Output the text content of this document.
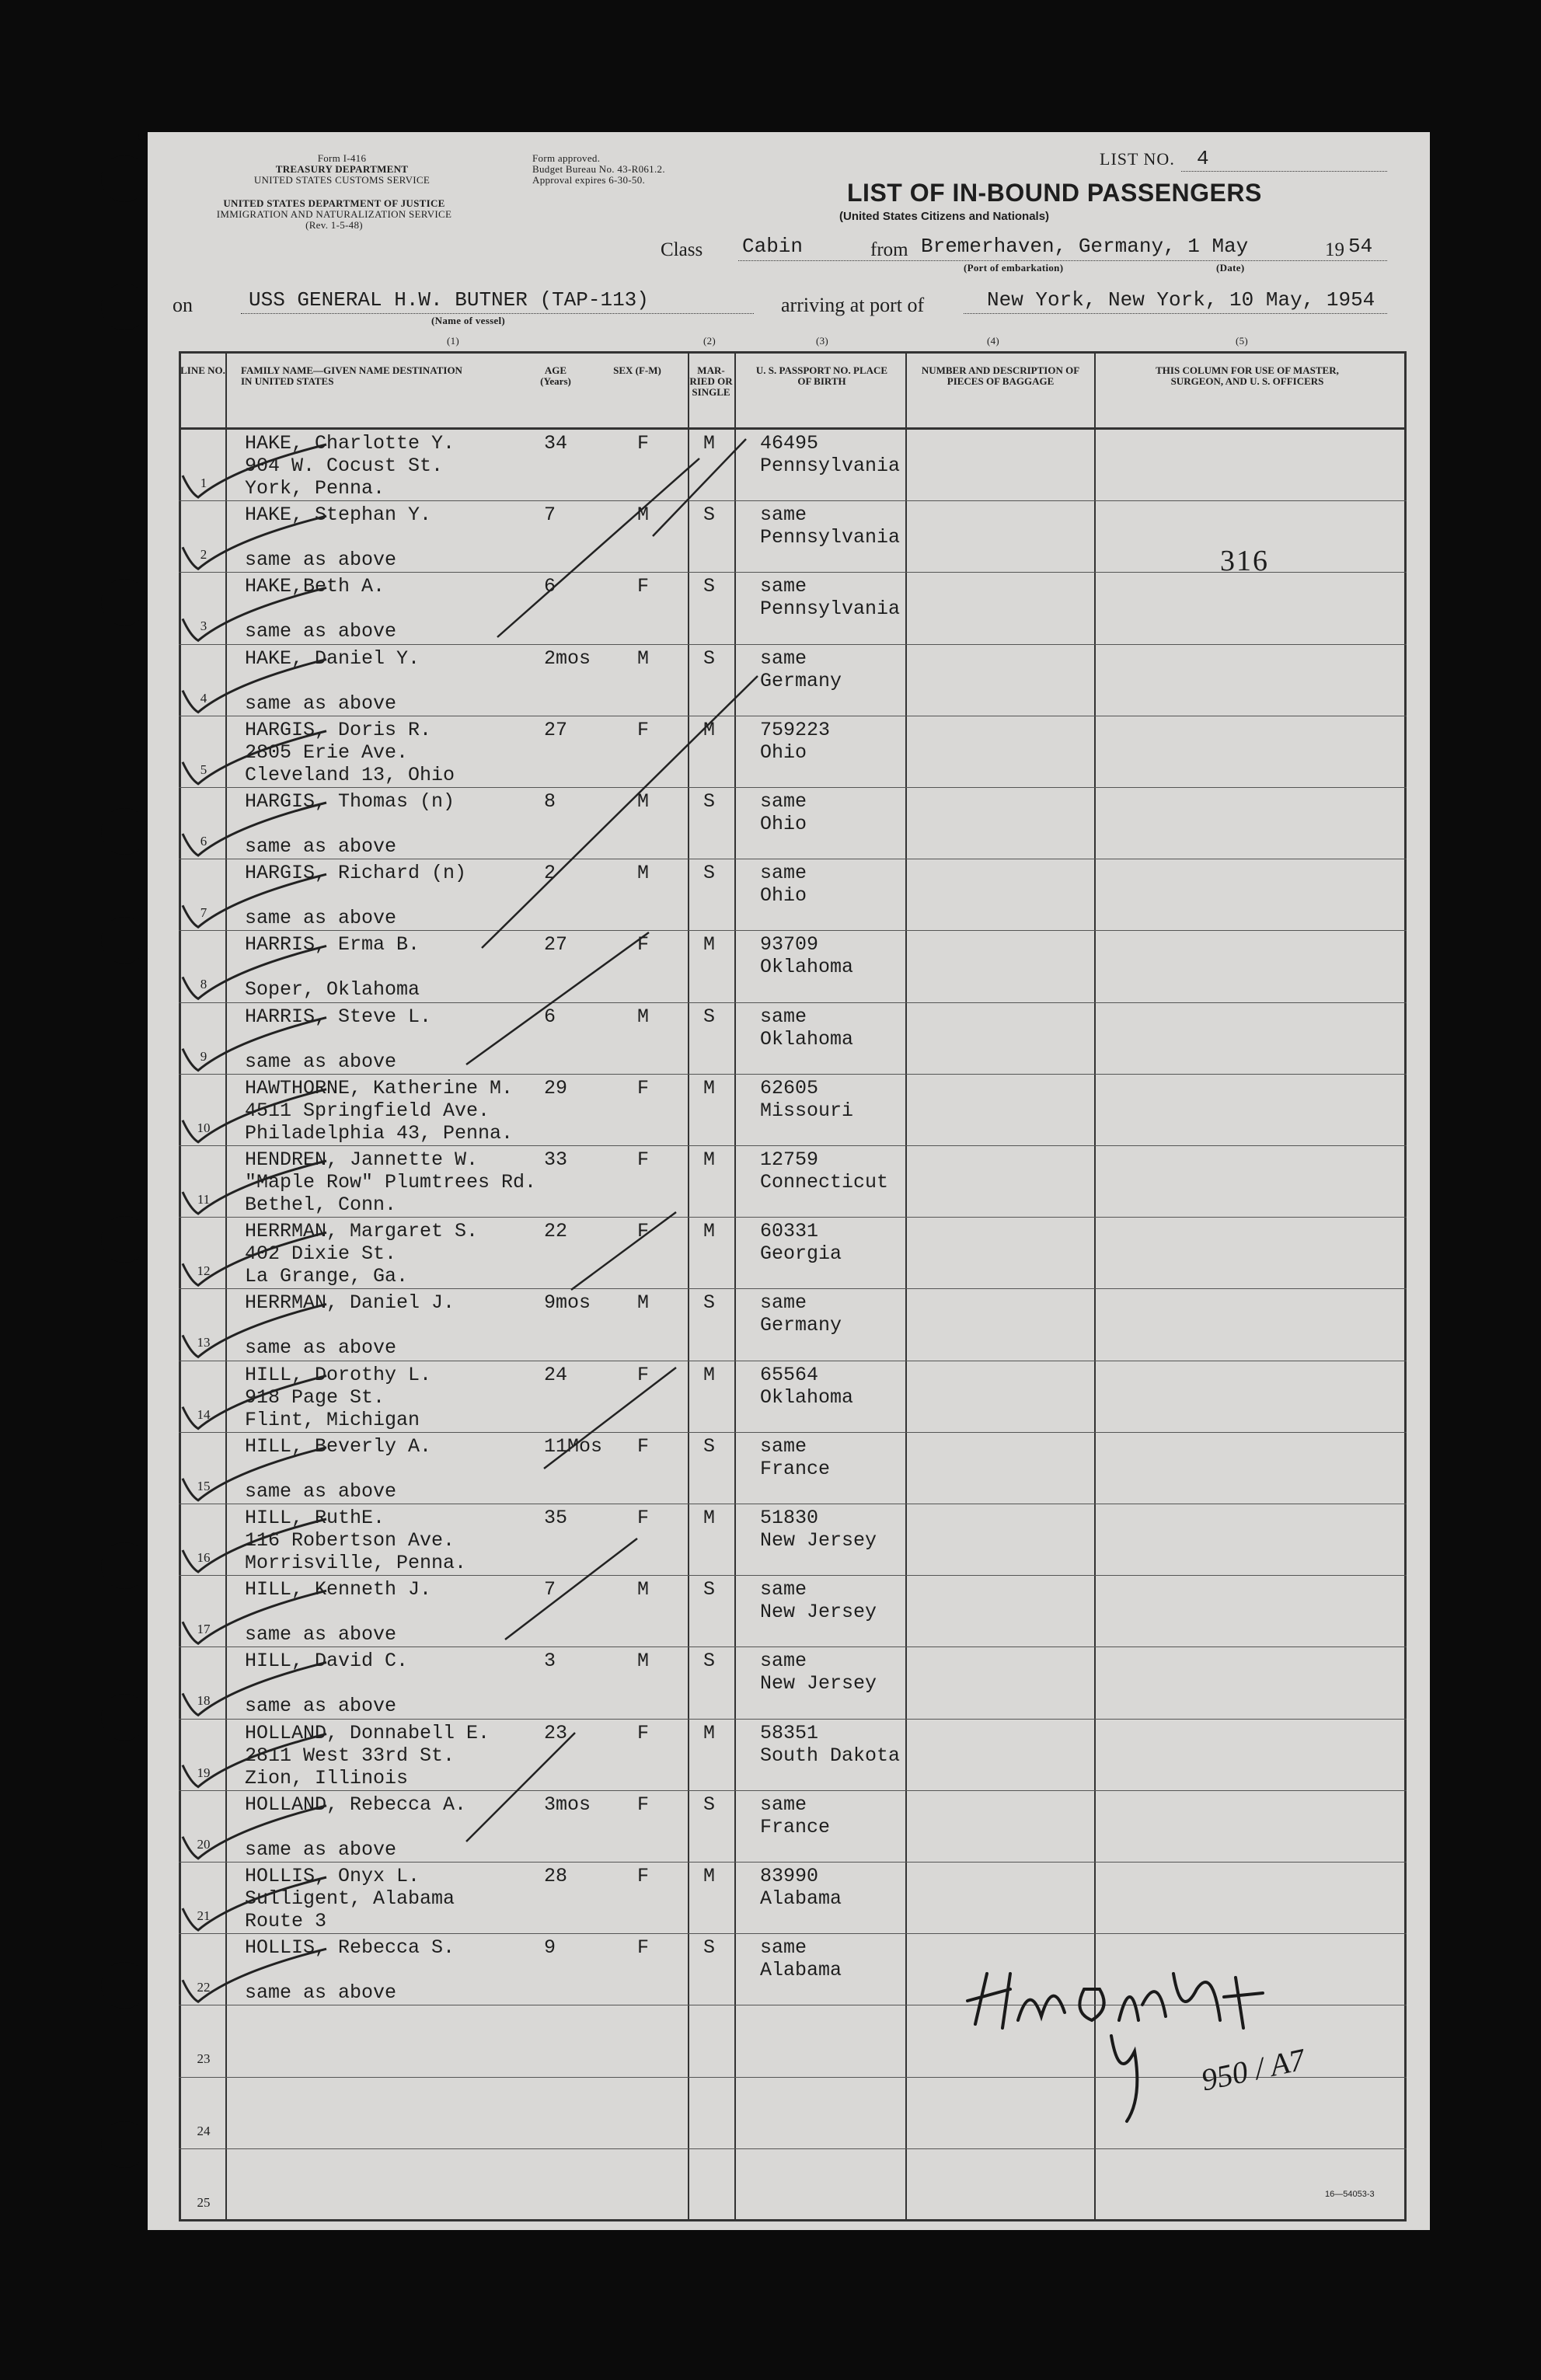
Form I-416
TREASURY DEPARTMENT
UNITED STATES CUSTOMS SERVICE
UNITED STATES DEPARTMENT OF JUSTICE
IMMIGRATION AND NATURALIZATION SERVICE
(Rev. 1-5-48)
Form approved.
Budget Bureau No. 43-R061.2.
Approval expires 6-30-50.
LIST NO. 4
LIST OF IN-BOUND PASSENGERS
(United States Citizens and Nationals)
Class Cabin	from Bremerhaven, Germany, 1 May	19 54
(Port of embarkation)	(Date)
on	USS GENERAL H.W. BUTNER (TAP-113)
(Name of vessel)
arriving at port of	New York, New York, 10 May, 1954
(1)	(2)	(3)	(4)	(5)
LINE NO. FAMILY NAME—GIVEN NAME DESTINATION IN UNITED STATES
AGE (Years)
SEX (F-M)	MAR-RIED OR SINGLE
U. S. PASSPORT NO. PLACE OF BIRTH
NUMBER AND DESCRIPTION OF PIECES OF BAGGAGE
THIS COLUMN FOR USE OF MASTER, SURGEON, AND U. S. OFFICERS
1
HAKE, Charlotte Y.
904 W. Cocust St.
York, Penna.
34	F	M 46495
Pennsylvania
2
HAKE, Stephan Y.
same as above
7	M	S same
Pennsylvania
3
HAKE,Beth A.
same as above
6	F	S same
Pennsylvania
4
HAKE, Daniel Y.
same as above
2mos M	S same
Germany
5
HARGIS, Doris R.
2805 Erie Ave.
Cleveland 13, Ohio
27	F	M 759223
Ohio
6
HARGIS, Thomas (n)
same as above
8	M	S same
Ohio
7
HARGIS, Richard (n)
same as above
2	M	S same
Ohio
8
HARRIS, Erma B.
Soper, Oklahoma
27	F	M 93709
Oklahoma
9
HARRIS, Steve L.
same as above
6	M	S same
Oklahoma
10
HAWTHORNE, Katherine M.
4511 Springfield Ave.
Philadelphia 43, Penna.
29	F	M 62605
Missouri
11
HENDREN, Jannette W.
"Maple Row" Plumtrees Rd.
Bethel, Conn.
33	F	M 12759
Connecticut
12
HERRMAN, Margaret S.
402 Dixie St.
La Grange, Ga.
22	F	M 60331
Georgia
13
HERRMAN, Daniel J.
same as above
9mos M	S same
Germany
14
HILL, Dorothy L.
918 Page St.
Flint, Michigan
24	F	M 65564
Oklahoma
15
HILL, Beverly A.
same as above
11Mos F	S same
France
16
HILL, RuthE.
116 Robertson Ave.
Morrisville, Penna.
35	F	M 51830
New Jersey
17
HILL, Kenneth J.
same as above
7	M	S same
New Jersey
18
HILL, David C.
same as above
3	M	S same
New Jersey
19
HOLLAND, Donnabell E.
2811 West 33rd St.
Zion, Illinois
23	F	M 58351
South Dakota
20
HOLLAND, Rebecca A.
same as above
3mos F	S same
France
21
HOLLIS, Onyx L.
Sulligent, Alabama
Route 3
28	F	M 83990
Alabama
22
HOLLIS, Rebecca S.
same as above
9	F	S same
Alabama
23
24
25
316
950 / A7
16—54053-3
